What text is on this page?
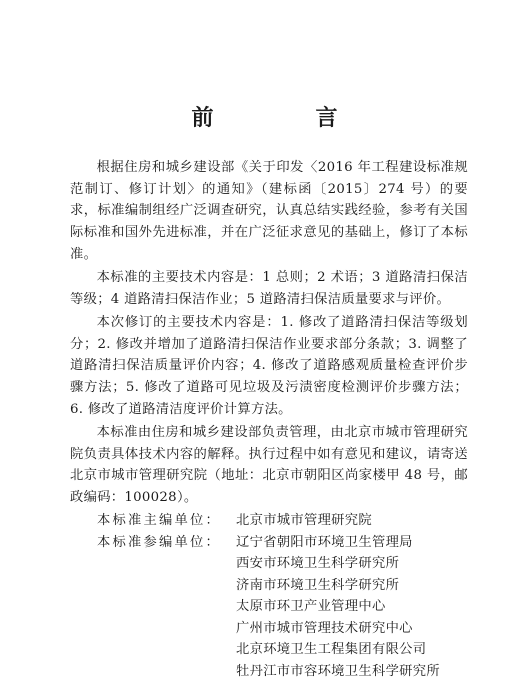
前　言

根据住房和城乡建设部《关于印发〈2016 年工程建设标准规范制订、修订计划〉的通知》（建标函〔2015〕274 号）的要求，标准编制组经广泛调查研究，认真总结实践经验，参考有关国际标准和国外先进标准，并在广泛征求意见的基础上，修订了本标准。

本标准的主要技术内容是：1 总则；2 术语；3 道路清扫保洁等级；4 道路清扫保洁作业；5 道路清扫保洁质量要求与评价。

本次修订的主要技术内容是：1. 修改了道路清扫保洁等级划分；2. 修改并增加了道路清扫保洁作业要求部分条款；3. 调整了道路清扫保洁质量评价内容；4. 修改了道路感观质量检查评价步骤方法；5. 修改了道路可见垃圾及污渍密度检测评价步骤方法；6. 修改了道路清洁度评价计算方法。

本标准由住房和城乡建设部负责管理，由北京市城市管理研究院负责具体技术内容的解释。执行过程中如有意见和建议，请寄送北京市城市管理研究院（地址：北京市朝阳区尚家楼甲 48 号，邮政编码：100028）。

本标准主编单位：	北京市城市管理研究院
本标准参编单位：	辽宁省朝阳市环境卫生管理局
西安市环境卫生科学研究所
济南市环境卫生科学研究所
太原市环卫产业管理中心
广州市城市管理技术研究中心
北京环境卫生工程集团有限公司
牡丹江市市容环境卫生科学研究所
